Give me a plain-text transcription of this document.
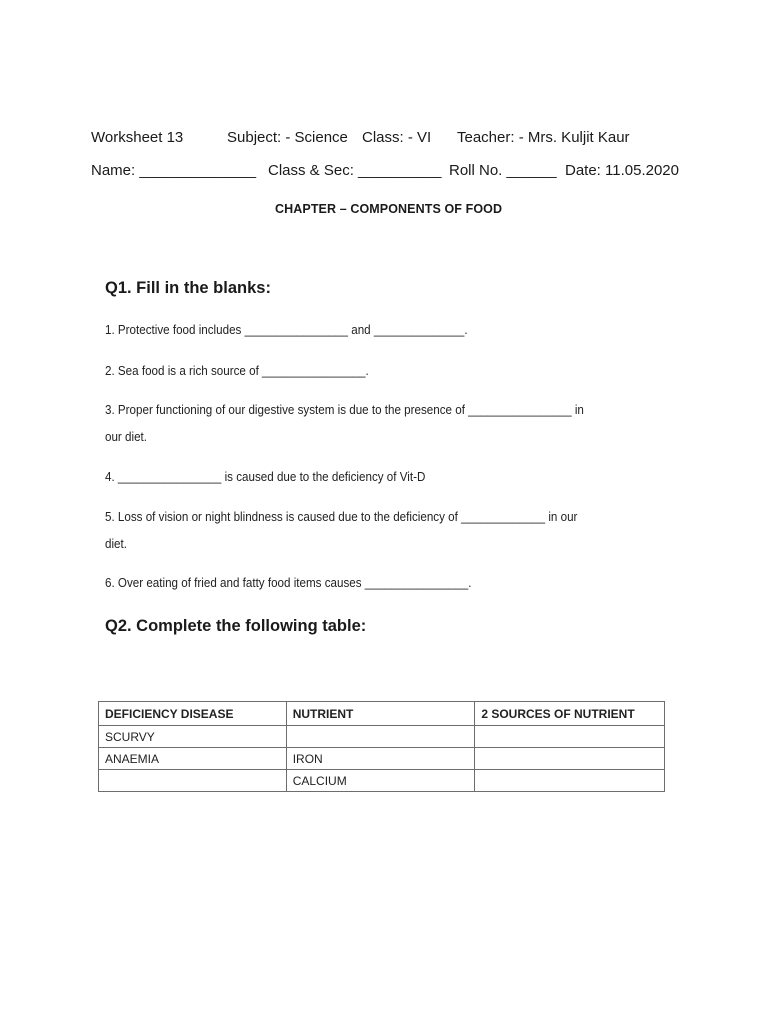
Worksheet 13	Subject: - Science Class: - VI Teacher: - Mrs. Kuljit Kaur
Name: ______________ Class & Sec: __________ Roll No. ______ Date: 11.05.2020
CHAPTER – COMPONENTS OF FOOD
Q1. Fill in the blanks:
1. Protective food includes ________________ and ______________.
2. Sea food is a rich source of ________________.
3. Proper functioning of our digestive system is due to the presence of ________________ in
our diet.
4. ________________ is caused due to the deficiency of Vit-D
5. Loss of vision or night blindness is caused due to the deficiency of _____________ in our
diet.
6. Over eating of fried and fatty food items causes ________________.
Q2. Complete the following table:
DEFICIENCY DISEASE	NUTRIENT	2 SOURCES OF NUTRIENT
SCURVY		
ANAEMIA	IRON	
	CALCIUM	
